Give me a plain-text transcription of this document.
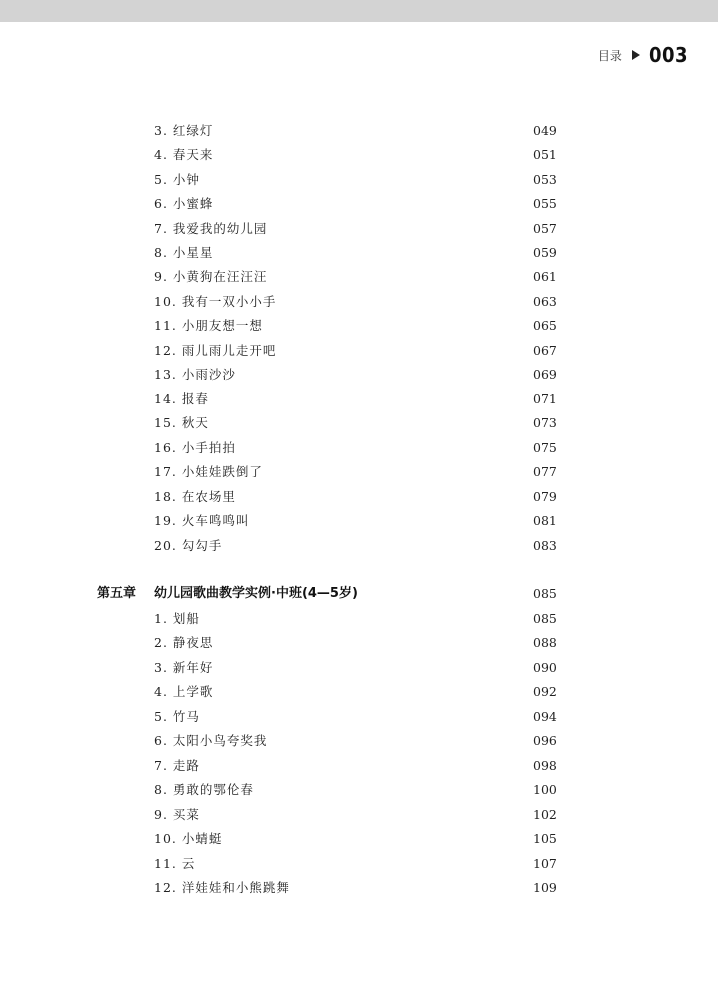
目录 003
3. 红绿灯	049
4. 春天来	051
5. 小钟	053
6. 小蜜蜂	055
7. 我爱我的幼儿园	057
8. 小星星	059
9. 小黄狗在汪汪汪	061
10. 我有一双小小手	063
11. 小朋友想一想	065
12. 雨儿雨儿走开吧	067
13. 小雨沙沙	069
14. 报春	071
15. 秋天	073
16. 小手拍拍	075
17. 小娃娃跌倒了	077
18. 在农场里	079
19. 火车鸣鸣叫	081
20. 勾勾手	083
第五章 幼儿园歌曲教学实例·中班(4—5岁)	085
1. 划船	085
2. 静夜思	088
3. 新年好	090
4. 上学歌	092
5. 竹马	094
6. 太阳小鸟夸奖我	096
7. 走路	098
8. 勇敢的鄂伦春	100
9. 买菜	102
10. 小蜻蜓	105
11. 云	107
12. 洋娃娃和小熊跳舞	109
